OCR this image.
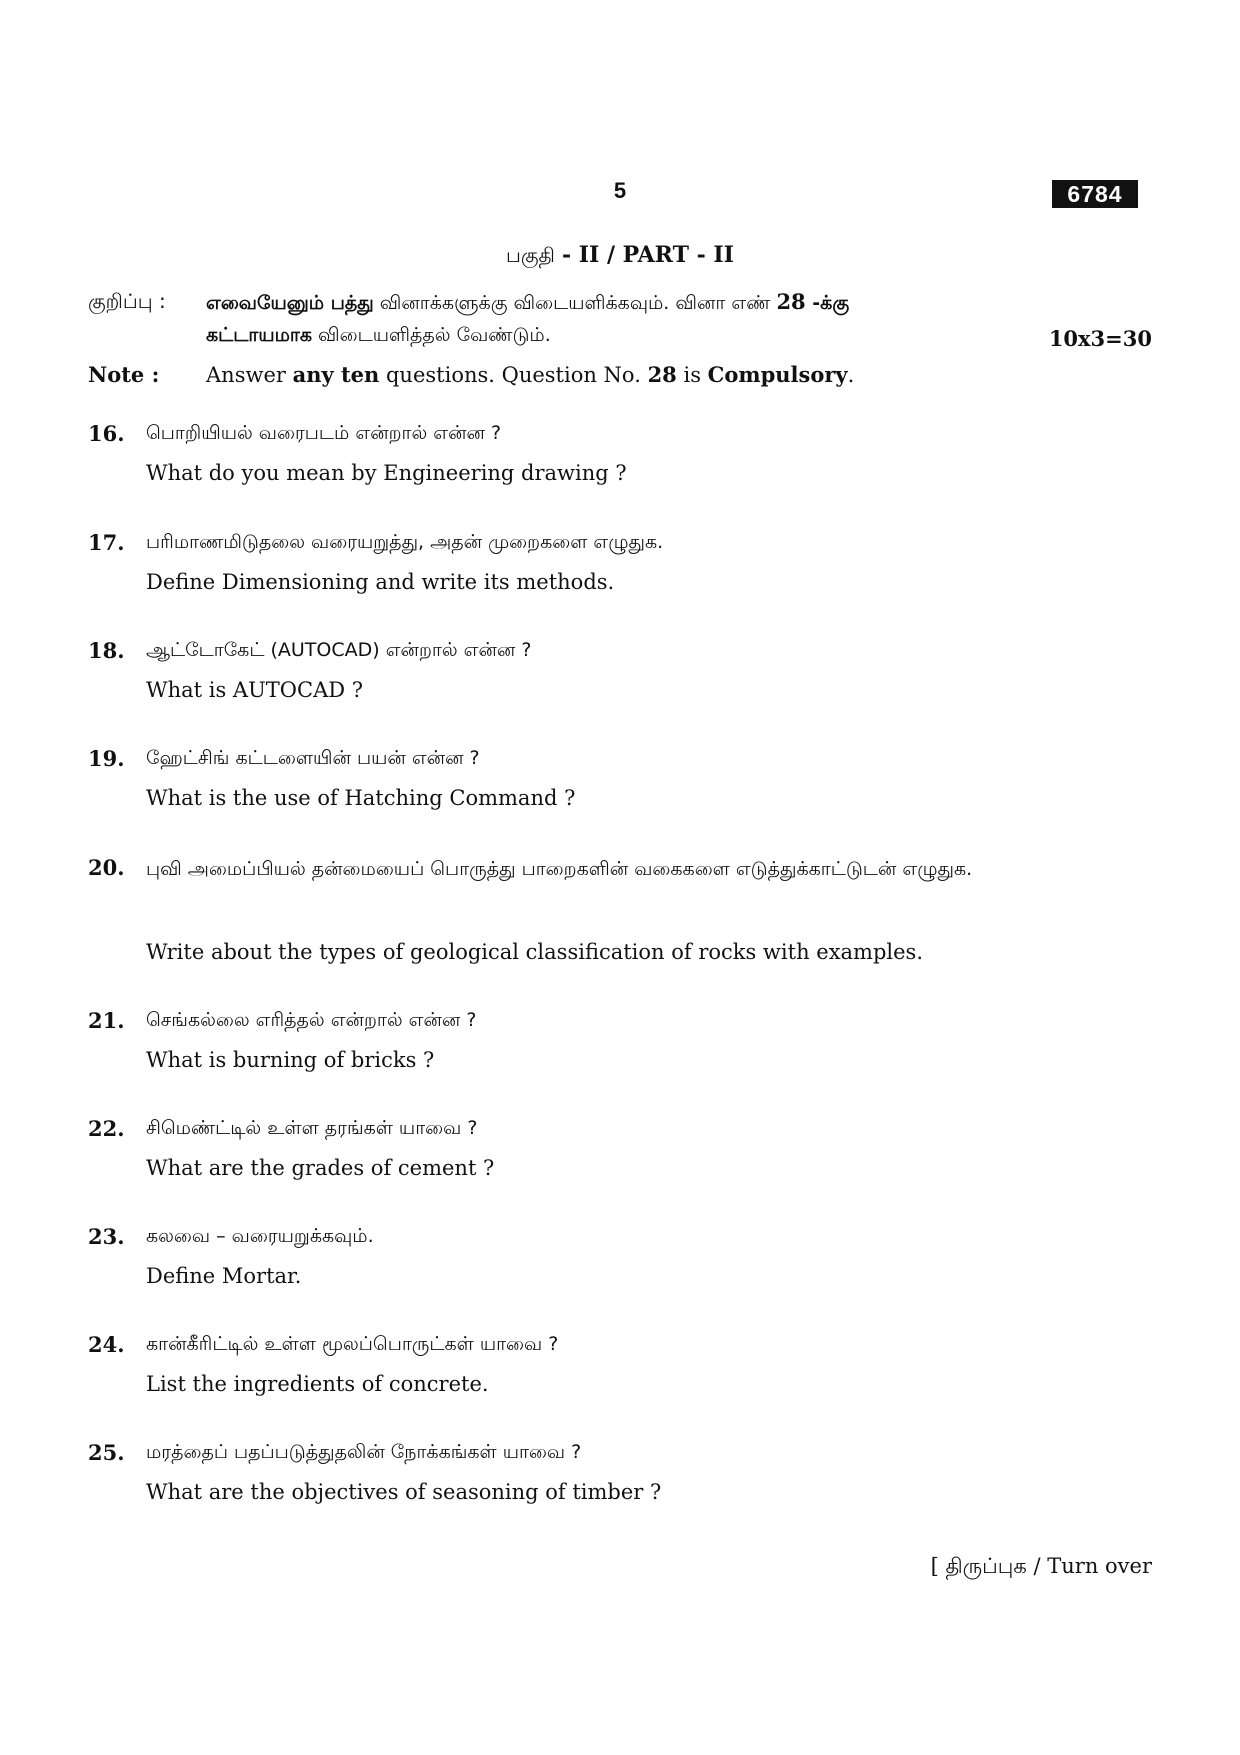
5	6784
பகுதி - II / PART - II
குறிப்பு : எவையேனும் பத்து வினாக்களுக்கு விடையளிக்கவும். வினா எண் 28 -க்கு
கட்டாயமாக விடையளித்தல் வேண்டும்.	10x3=30
Note : Answer any ten questions. Question No. 28 is Compulsory.
16. பொறியியல் வரைபடம் என்றால் என்ன ?
What do you mean by Engineering drawing ?
17. பரிமாணமிடுதலை வரையறுத்து, அதன் முறைகளை எழுதுக.
Define Dimensioning and write its methods.
18. ஆட்டோகேட் (AUTOCAD) என்றால் என்ன ?
What is AUTOCAD ?
19. ஹேட்சிங் கட்டளையின் பயன் என்ன ?
What is the use of Hatching Command ?
20. புவி அமைப்பியல் தன்மையைப் பொருத்து பாறைகளின் வகைகளை எடுத்துக்காட்டுடன் எழுதுக.
Write about the types of geological classification of rocks with examples.
21. செங்கல்லை எரித்தல் என்றால் என்ன ?
What is burning of bricks ?
22. சிமெண்ட்டில் உள்ள தரங்கள் யாவை ?
What are the grades of cement ?
23. கலவை – வரையறுக்கவும்.
Define Mortar.
24. கான்கீரிட்டில் உள்ள மூலப்பொருட்கள் யாவை ?
List the ingredients of concrete.
25. மரத்தைப் பதப்படுத்துதலின் நோக்கங்கள் யாவை ?
What are the objectives of seasoning of timber ?
[ திருப்புக / Turn over
